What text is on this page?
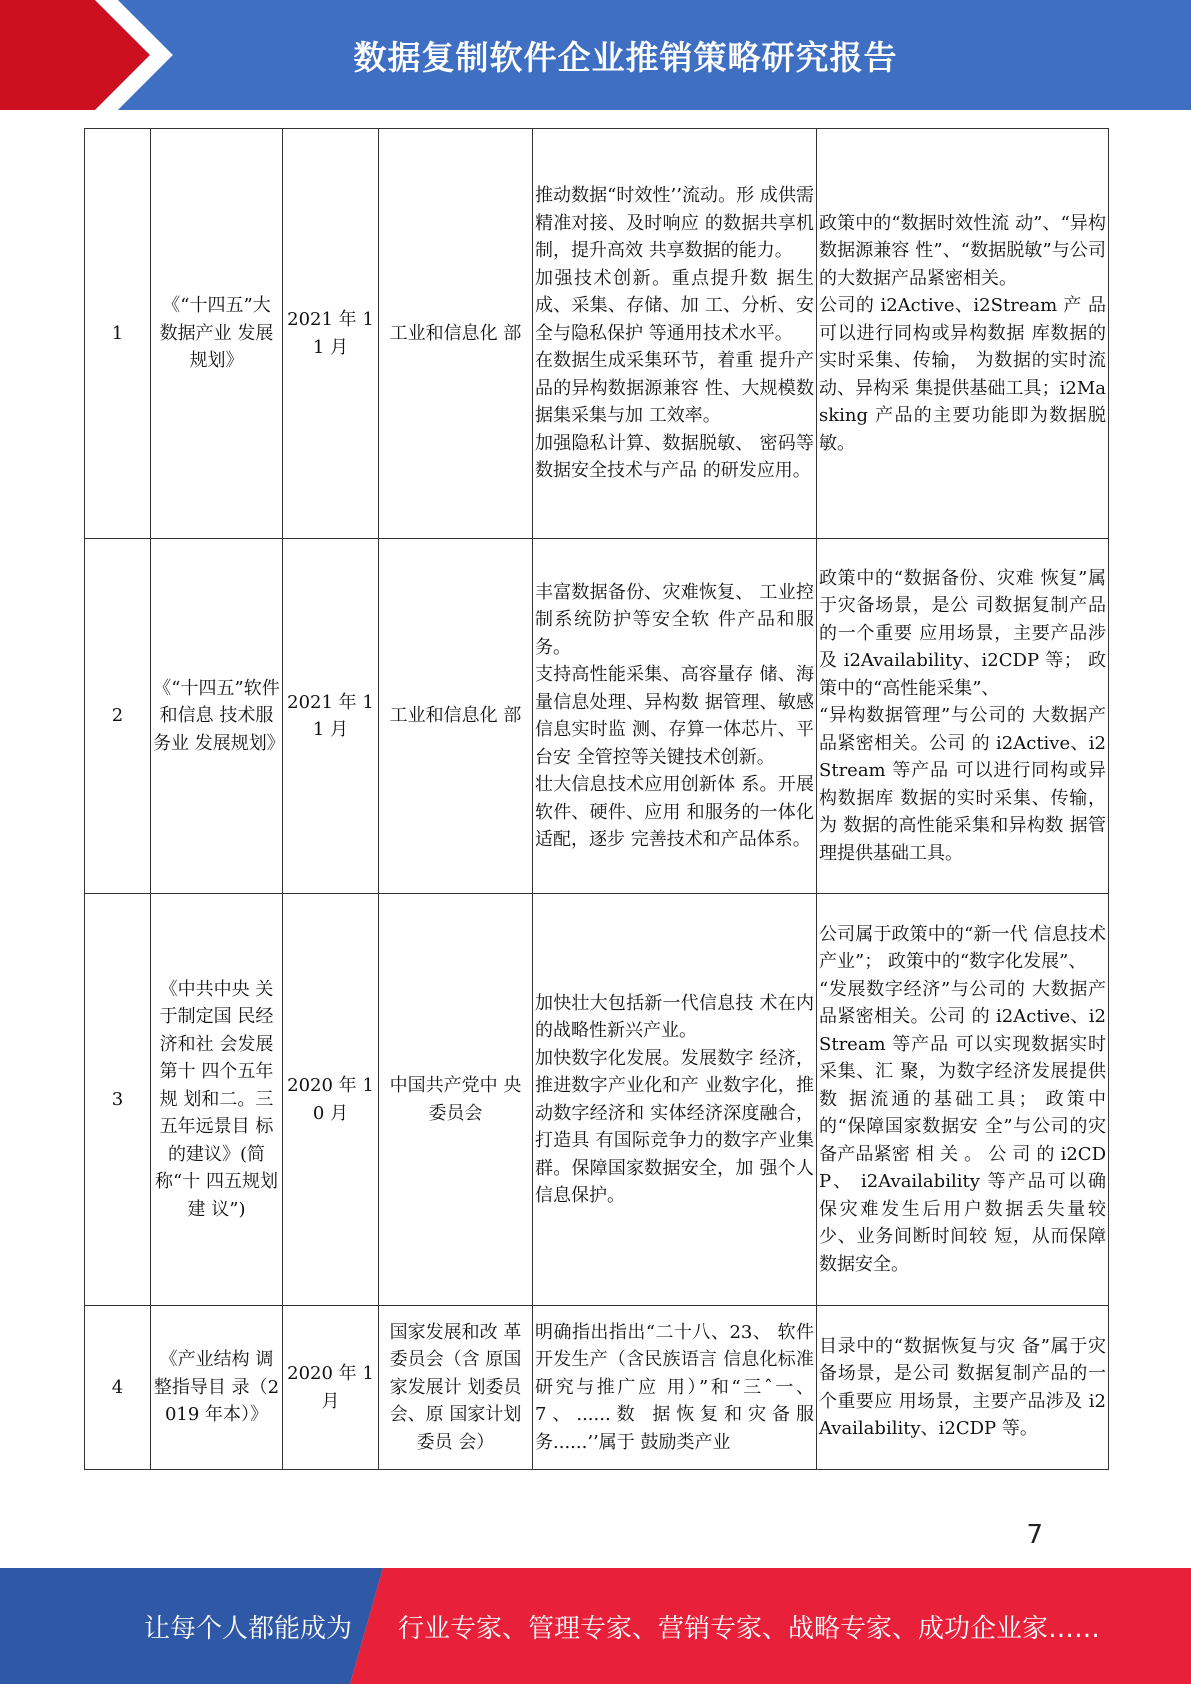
数据复制软件企业推销策略研究报告
1	《“十四五”大 数据产业 发展规划》	2021 年 11 月	工业和信息化 部	推动数据“时效性’’流动。形 成供需精准对接、及时响应 的数据共享机制，提升高效 共享数据的能力。
加强技术创新。重点提升数 据生成、采集、存储、加 工、分析、安全与隐私保护 等通用技术水平。
在数据生成采集环节，着重 提升产品的异构数据源兼容 性、大规模数据集采集与加 工效率。
加强隐私计算、数据脱敏、 密码等数据安全技术与产品 的研发应用。	政策中的“数据时效性流 动”、“异构数据源兼容 性”、“数据脱敏”与公司 的大数据产品紧密相关。
公司的 i2Active、i2Stream 产 品可以进行同构或异构数据 库数据的实时采集、传输， 为数据的实时流动、异构采 集提供基础工具；i2Masking 产品的主要功能即为数据脱 敏。

2	《“十四五”软件和信息 技术服务业 发展规划》	2021 年 11 月	工业和信息化 部	丰富数据备份、灾难恢复、 工业控制系统防护等安全软 件产品和服务。
支持高性能采集、高容量存 储、海量信息处理、异构数 据管理、敏感信息实时监 测、存算一体芯片、平台安 全管控等关键技术创新。
壮大信息技术应用创新体 系。开展软件、硬件、应用 和服务的一体化适配，逐步 完善技术和产品体系。	政策中的“数据备份、灾难 恢复”属于灾备场景，是公 司数据复制产品的一个重要 应用场景，主要产品涉及 i2Availability、i2CDP 等； 政策中的“高性能采集”、
“异构数据管理”与公司的 大数据产品紧密相关。公司 的 i2Active、i2Stream 等产品 可以进行同构或异构数据库 数据的实时采集、传输，为 数据的高性能采集和异构数 据管理提供基础工具。

3	《中共中央 关于制定国 民经济和社 会发展第十 四个五年规 划和二。三五年远景目 标的建议》(简称“十 四五规划建 议”)	2020 年 10 月	中国共产党中 央委员会	加快壮大包括新一代信息技 术在内的战略性新兴产业。
加快数字化发展。发展数字 经济，推进数字产业化和产 业数字化，推动数字经济和 实体经济深度融合，打造具 有国际竞争力的数字产业集 群。保障国家数据安全，加 强个人信息保护。	公司属于政策中的“新一代 信息技术产业”； 政策中的“数字化发展”、
“发展数字经济”与公司的 大数据产品紧密相关。公司 的 i2Active、i2Stream 等产品 可以实现数据实时采集、汇 聚，为数字经济发展提供数 据流通的基础工具； 政策中的“保障国家数据安 全”与公司的灾备产品紧密 相 关 。 公 司 的 i2CDP、 i2Availability 等产品可以确 保灾难发生后用户数据丢失量较少、业务间断时间较 短，从而保障数据安全。

4	《产业结构 调整指导目 录（2019 年本）》	2020 年 1 月	国家发展和改 革委员会（含 原国家发展计 划委员会、原 国家计划委员 会）	明确指出指出“二十八、23、 软件开发生产（含民族语言 信息化标准研究与推广应 用）”和“三ˆ一、7、......数 据恢复和灾备服务......’’属于 鼓励类产业	目录中的“数据恢复与灾 备”属于灾备场景，是公司 数据复制产品的一个重要应 用场景，主要产品涉及 i2Availability、i2CDP 等。
7
让每个人都能成为 行业专家、管理专家、营销专家、战略专家、成功企业家……
